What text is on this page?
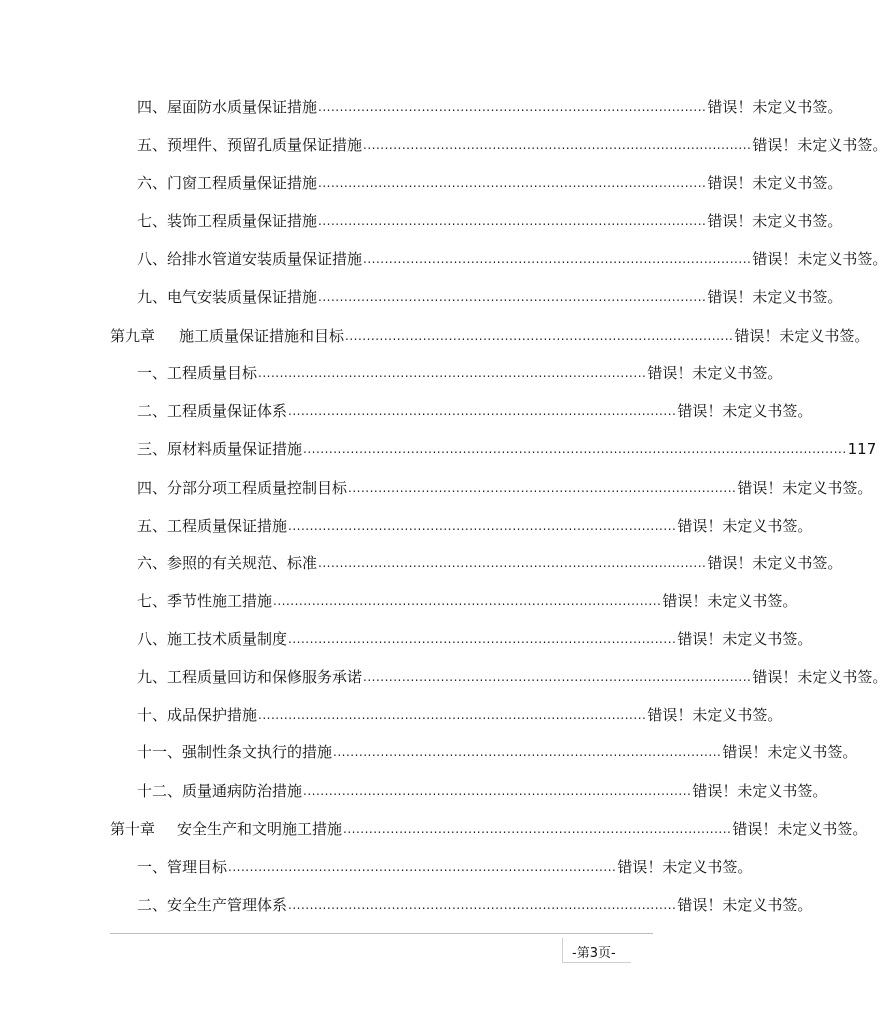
四、屋面防水质量保证措施 .......................................................................................... 错误！未定义书签。
五、预埋件、预留孔质量保证措施 .......................................................................................... 错误！未定义书签。
六、门窗工程质量保证措施 .......................................................................................... 错误！未定义书签。
七、装饰工程质量保证措施 .......................................................................................... 错误！未定义书签。
八、给排水管道安装质量保证措施 .......................................................................................... 错误！未定义书签。
九、电气安装质量保证措施 .......................................................................................... 错误！未定义书签。
第九章 施工质量保证措施和目标 .......................................................................................... 错误！未定义书签。
一、工程质量目标 .......................................................................................... 错误！未定义书签。
二、工程质量保证体系 .......................................................................................... 错误！未定义书签。
三、原材料质量保证措施 .............................................................................................................................. 117
四、分部分项工程质量控制目标 .......................................................................................... 错误！未定义书签。
五、工程质量保证措施 .......................................................................................... 错误！未定义书签。
六、参照的有关规范、标准 .......................................................................................... 错误！未定义书签。
七、季节性施工措施 .......................................................................................... 错误！未定义书签。
八、施工技术质量制度 .......................................................................................... 错误！未定义书签。
九、工程质量回访和保修服务承诺 .......................................................................................... 错误！未定义书签。
十、成品保护措施 .......................................................................................... 错误！未定义书签。
十一、强制性条文执行的措施 .......................................................................................... 错误！未定义书签。
十二、质量通病防治措施 .......................................................................................... 错误！未定义书签。
第十章 安全生产和文明施工措施 .......................................................................................... 错误！未定义书签。
一、管理目标 .......................................................................................... 错误！未定义书签。
二、安全生产管理体系 .......................................................................................... 错误！未定义书签。
-第3页-
